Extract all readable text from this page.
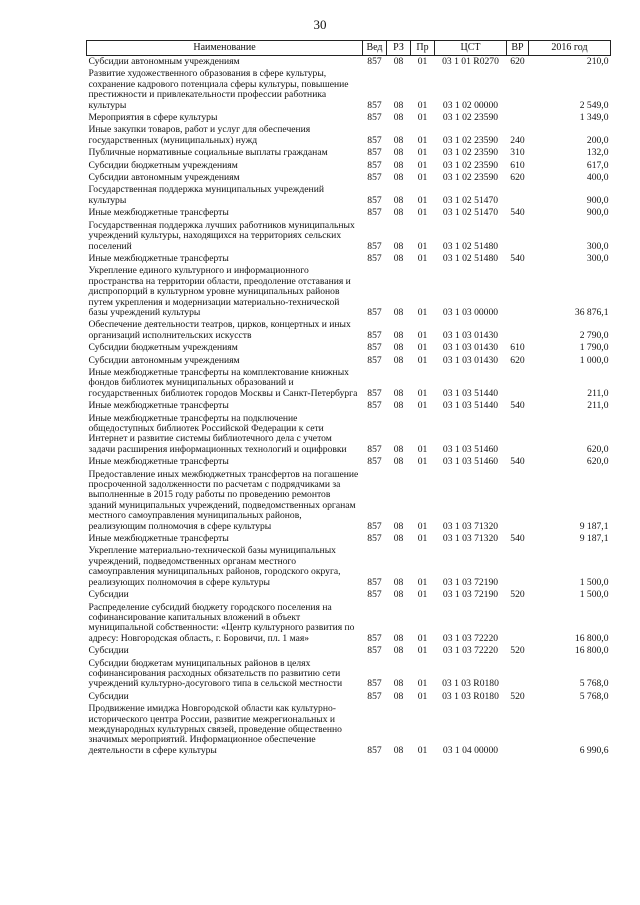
30
Наименование	Вед	РЗ	Пр	ЦСТ	ВР	2016 год
Субсидии автономным учреждениям	857	08	01	03 1 01 R0270	620	210,0
Развитие художественного образования в сфере культуры, сохранение кадрового потенциала сферы культуры, повышение престижности и привлекательности профессии работника культуры	857	08	01	03 1 02 00000		2 549,0
Мероприятия в сфере культуры	857	08	01	03 1 02 23590		1 349,0
Иные закупки товаров, работ и услуг для обеспечения государственных (муниципальных) нужд	857	08	01	03 1 02 23590	240	200,0
Публичные нормативные социальные выплаты гражданам	857	08	01	03 1 02 23590	310	132,0
Субсидии бюджетным учреждениям	857	08	01	03 1 02 23590	610	617,0
Субсидии автономным учреждениям	857	08	01	03 1 02 23590	620	400,0
Государственная поддержка муниципальных учреждений культуры	857	08	01	03 1 02 51470		900,0
Иные межбюджетные трансферты	857	08	01	03 1 02 51470	540	900,0
Государственная поддержка лучших работников муниципальных учреждений культуры, находящихся на территориях сельских поселений	857	08	01	03 1 02 51480		300,0
Иные межбюджетные трансферты	857	08	01	03 1 02 51480	540	300,0
Укрепление единого культурного и информационного пространства на территории области, преодоление отставания и диспропорций в культурном уровне муниципальных районов путем укрепления и модернизации материально-технической базы учреждений культуры	857	08	01	03 1 03 00000		36 876,1
Обеспечение деятельности театров, цирков, концертных и иных организаций исполнительских искусств	857	08	01	03 1 03 01430		2 790,0
Субсидии бюджетным учреждениям	857	08	01	03 1 03 01430	610	1 790,0
Субсидии автономным учреждениям	857	08	01	03 1 03 01430	620	1 000,0
Иные межбюджетные трансферты на комплектование книжных фондов библиотек муниципальных образований и государственных библиотек городов Москвы и Санкт-Петербурга	857	08	01	03 1 03 51440		211,0
Иные межбюджетные трансферты	857	08	01	03 1 03 51440	540	211,0
Иные межбюджетные трансферты на подключение общедоступных библиотек Российской Федерации к сети Интернет и развитие системы библиотечного дела с учетом задачи расширения информационных технологий и оцифровки	857	08	01	03 1 03 51460		620,0
Иные межбюджетные трансферты	857	08	01	03 1 03 51460	540	620,0
Предоставление иных межбюджетных трансфертов на погашение просроченной задолженности по расчетам с подрядчиками за выполненные в 2015 году работы по проведению ремонтов зданий муниципальных учреждений, подведомственных органам местного самоуправления муниципальных районов, реализующим полномочия в сфере культуры	857	08	01	03 1 03 71320		9 187,1
Иные межбюджетные трансферты	857	08	01	03 1 03 71320	540	9 187,1
Укрепление материально-технической базы муниципальных учреждений, подведомственных органам местного самоуправления муниципальных районов, городского округа, реализующих полномочия в сфере культуры	857	08	01	03 1 03 72190		1 500,0
Субсидии	857	08	01	03 1 03 72190	520	1 500,0
Распределение субсидий бюджету городского поселения на софинансирование капитальных вложений в объект муниципальной собственности: «Центр культурного развития по адресу: Новгородская область, г. Боровичи, пл. 1 мая»	857	08	01	03 1 03 72220		16 800,0
Субсидии	857	08	01	03 1 03 72220	520	16 800,0
Субсидии бюджетам муниципальных районов в целях софинансирования расходных обязательств по развитию сети учреждений культурно-досугового типа в сельской местности	857	08	01	03 1 03 R0180		5 768,0
Субсидии	857	08	01	03 1 03 R0180	520	5 768,0
Продвижение имиджа Новгородской области как культурно-исторического центра России, развитие межрегиональных и международных культурных связей, проведение общественно значимых мероприятий. Информационное обеспечение деятельности в сфере культуры	857	08	01	03 1 04 00000		6 990,6
